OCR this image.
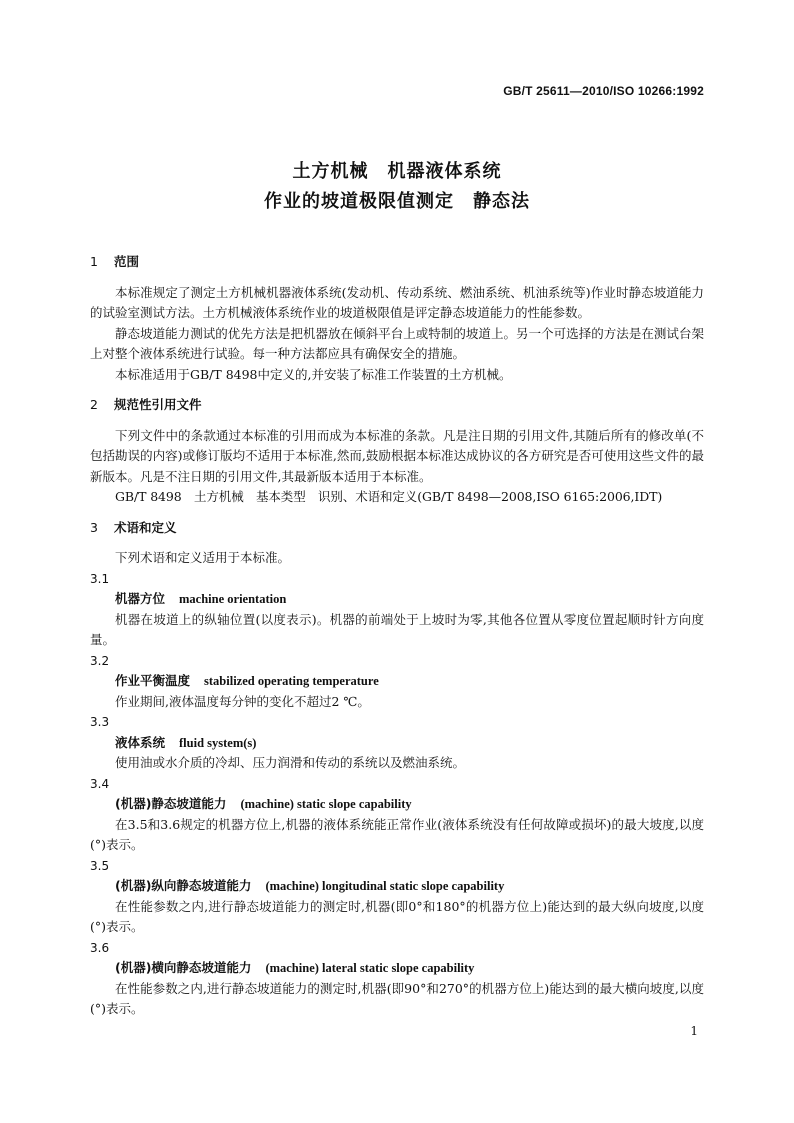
GB/T 25611—2010/ISO 10266:1992
土方机械　机器液体系统
作业的坡道极限值测定　静态法
1 范围

本标准规定了测定土方机械机器液体系统(发动机、传动系统、燃油系统、机油系统等)作业时静态坡道能力的试验室测试方法。土方机械液体系统作业的坡道极限值是评定静态坡道能力的性能参数。

静态坡道能力测试的优先方法是把机器放在倾斜平台上或特制的坡道上。另一个可选择的方法是在测试台架上对整个液体系统进行试验。每一种方法都应具有确保安全的措施。

本标准适用于GB/T 8498中定义的,并安装了标准工作装置的土方机械。

2 规范性引用文件

下列文件中的条款通过本标准的引用而成为本标准的条款。凡是注日期的引用文件,其随后所有的修改单(不包括勘误的内容)或修订版均不适用于本标准,然而,鼓励根据本标准达成协议的各方研究是否可使用这些文件的最新版本。凡是不注日期的引用文件,其最新版本适用于本标准。

GB/T 8498　土方机械　基本类型　识别、术语和定义(GB/T 8498—2008,ISO 6165:2006,IDT)

3 术语和定义

下列术语和定义适用于本标准。

3.1

机器方位 machine orientation

机器在坡道上的纵轴位置(以度表示)。机器的前端处于上坡时为零,其他各位置从零度位置起顺时针方向度量。

3.2

作业平衡温度 stabilized operating temperature

作业期间,液体温度每分钟的变化不超过2 ℃。

3.3

液体系统 fluid system(s)

使用油或水介质的冷却、压力润滑和传动的系统以及燃油系统。

3.4

(机器)静态坡道能力 (machine) static slope capability

在3.5和3.6规定的机器方位上,机器的液体系统能正常作业(液体系统没有任何故障或损坏)的最大坡度,以度(°)表示。

3.5

(机器)纵向静态坡道能力 (machine) longitudinal static slope capability

在性能参数之内,进行静态坡道能力的测定时,机器(即0°和180°的机器方位上)能达到的最大纵向坡度,以度(°)表示。

3.6

(机器)横向静态坡道能力 (machine) lateral static slope capability

在性能参数之内,进行静态坡道能力的测定时,机器(即90°和270°的机器方位上)能达到的最大横向坡度,以度(°)表示。

1
